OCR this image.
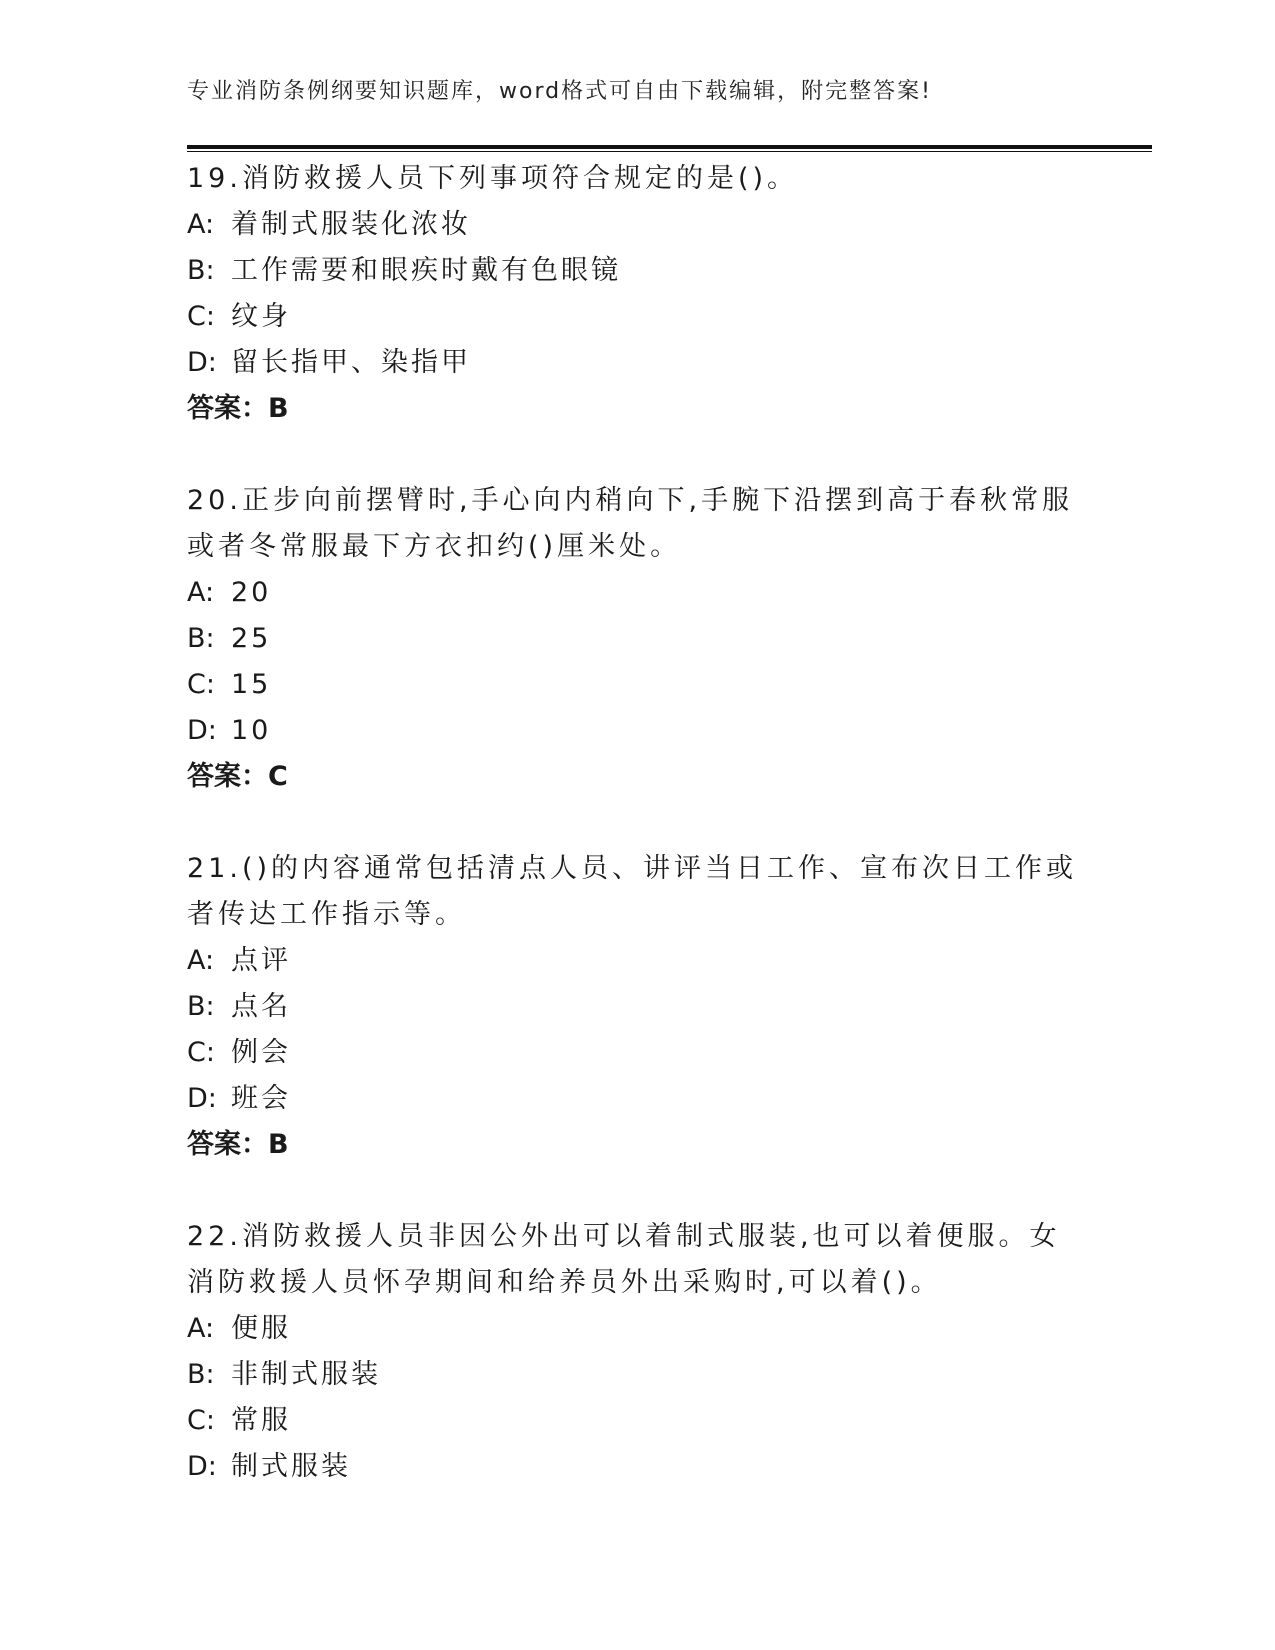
专业消防条例纲要知识题库，word格式可自由下载编辑，附完整答案!

19.消防救援人员下列事项符合规定的是()。

A: 着制式服装化浓妆

B: 工作需要和眼疾时戴有色眼镜

C: 纹身

D: 留长指甲、染指甲

答案：B

20.正步向前摆臂时,手心向内稍向下,手腕下沿摆到高于春秋常服或者冬常服最下方衣扣约()厘米处。

A: 20

B: 25

C: 15

D: 10

答案：C

21.()的内容通常包括清点人员、讲评当日工作、宣布次日工作或者传达工作指示等。

A: 点评

B: 点名

C: 例会

D: 班会

答案：B

22.消防救援人员非因公外出可以着制式服装,也可以着便服。女消防救援人员怀孕期间和给养员外出采购时,可以着()。

A: 便服

B: 非制式服装

C: 常服

D: 制式服装
